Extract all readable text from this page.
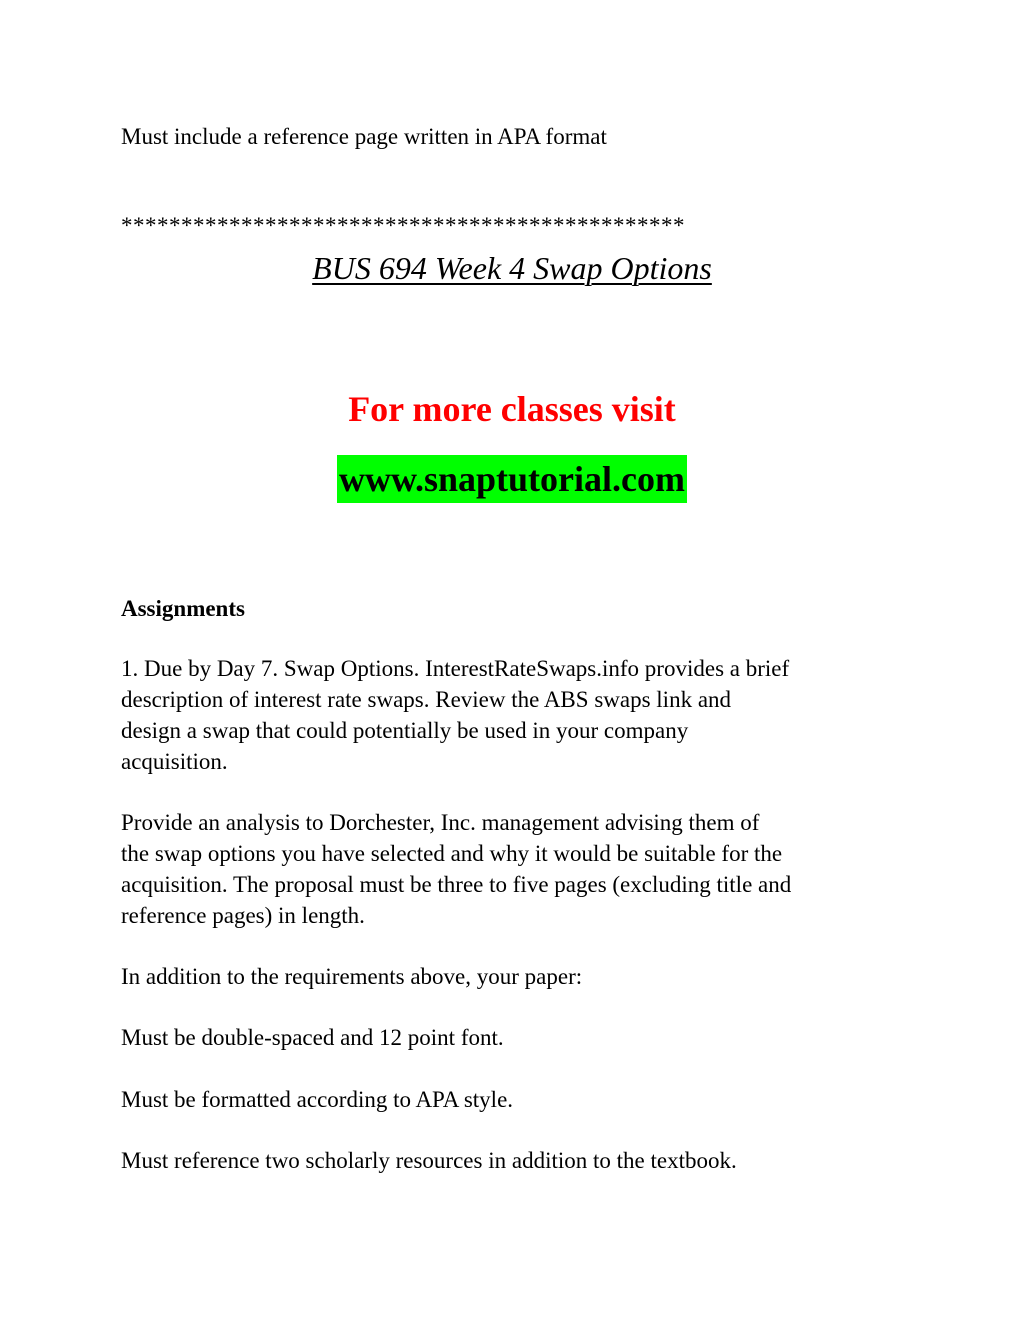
Must include a reference page written in APA format
***********************************************
BUS 694 Week 4 Swap Options
For more classes visit
www.snaptutorial.com
Assignments
1. Due by Day 7. Swap Options. InterestRateSwaps.info provides a brief
description of interest rate swaps. Review the ABS swaps link and
design a swap that could potentially be used in your company
acquisition.
Provide an analysis to Dorchester, Inc. management advising them of
the swap options you have selected and why it would be suitable for the
acquisition. The proposal must be three to five pages (excluding title and
reference pages) in length.
In addition to the requirements above, your paper:
Must be double-spaced and 12 point font.
Must be formatted according to APA style.
Must reference two scholarly resources in addition to the textbook.
